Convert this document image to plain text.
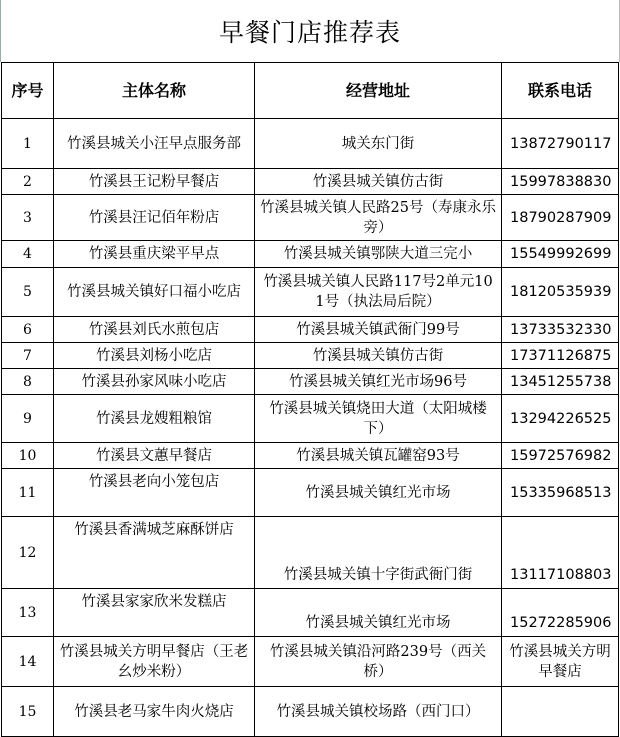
早餐门店推荐表
序号	主体名称	经营地址	联系电话
1	竹溪县城关小汪早点服务部	城关东门街	13872790117
2	竹溪县王记粉早餐店	竹溪县城关镇仿古街	15997838830
3	竹溪县汪记佰年粉店	竹溪县城关镇人民路25号（寿康永乐旁）	18790287909
4	竹溪县重庆梁平早点	竹溪县城关镇鄂陕大道三完小	15549992699
5	竹溪县城关镇好口福小吃店	竹溪县城关镇人民路117号2单元101号（执法局后院）	18120535939
6	竹溪县刘氏水煎包店	竹溪县城关镇武衙门99号	13733532330
7	竹溪县刘杨小吃店	竹溪县城关镇仿古街	17371126875
8	竹溪县孙家风味小吃店	竹溪县城关镇红光市场96号	13451255738
9	竹溪县龙嫂粗粮馆	竹溪县城关镇烧田大道（太阳城楼下）	13294226525
10	竹溪县文蕙早餐店	竹溪县城关镇瓦罐窑93号	15972576982
11	竹溪县老向小笼包店	竹溪县城关镇红光市场	15335968513
12	竹溪县香满城芝麻酥饼店	竹溪县城关镇十字街武衙门街	13117108803
13	竹溪县家家欣米发糕店	竹溪县城关镇红光市场	15272285906
14	竹溪县城关方明早餐店（王老幺炒米粉）	竹溪县城关镇沿河路239号（西关桥）	竹溪县城关方明早餐店
15	竹溪县老马家牛肉火烧店	竹溪县城关镇校场路（西门口）	
